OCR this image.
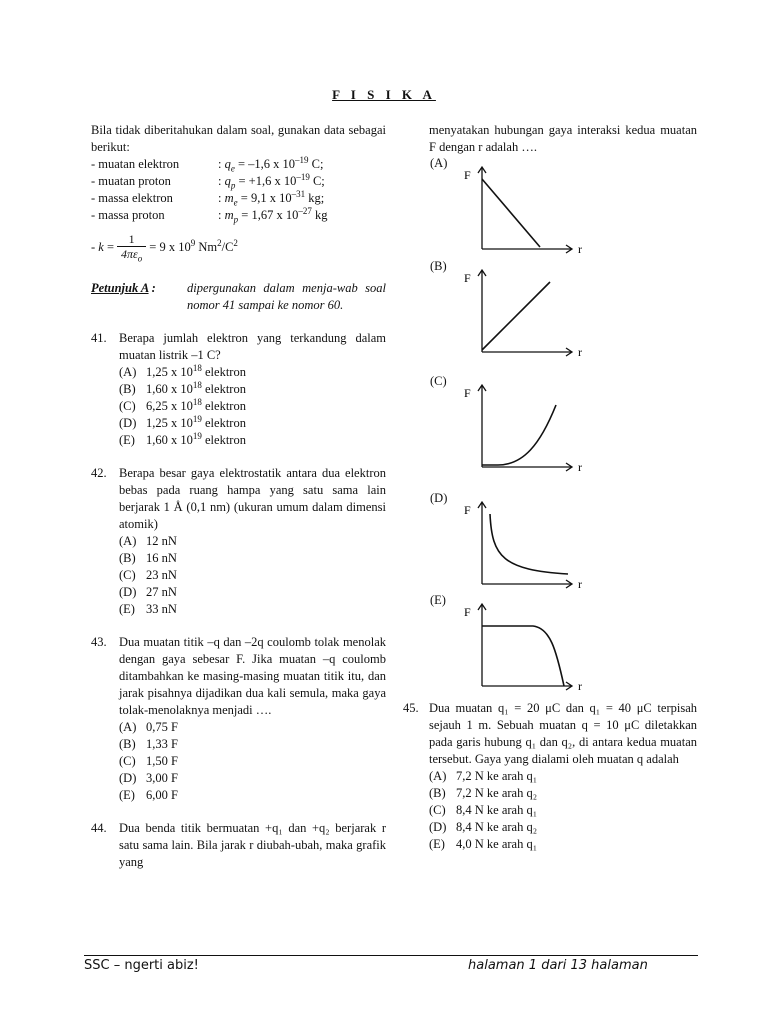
F I S I K A
Bila tidak diberitahukan dalam soal, gunakan data sebagai berikut:
- muatan elektron	: $q_e = -1,6$ x $10^{-19}$ C;
- muatan proton	: $q_p = +1,6$ x $10^{-19}$ C;
- massa elektron	: $m_e = 9,1$ x $10^{-31}$ kg;
- massa proton	: $m_p = 1,67$ x $10^{-27}$ kg
- $k = \frac{1}{4\pi\varepsilon_o} = 9$ x $10^9$ $Nm^2/C^2$
Petunjuk A :	dipergunakan dalam menja-wab soal nomor 41 sampai ke nomor 60.
41. Berapa jumlah elektron yang terkandung dalam muatan listrik –1 C?
(A) 1,25 x $10^{18}$ elektron
(B) 1,60 x $10^{18}$ elektron
(C) 6,25 x $10^{18}$ elektron
(D) 1,25 x $10^{19}$ elektron
(E) 1,60 x $10^{19}$ elektron
42. Berapa besar gaya elektrostatik antara dua elektron bebas pada ruang hampa yang satu sama lain berjarak 1 Å (0,1 nm) (ukuran umum dalam dimensi atomik)
(A) 12 nN
(B) 16 nN
(C) 23 nN
(D) 27 nN
(E) 33 nN
43. Dua muatan titik –q dan –2q coulomb tolak menolak dengan gaya sebesar F. Jika muatan –q coulomb ditambahkan ke masing-masing muatan titik itu, dan jarak pisahnya dijadikan dua kali semula, maka gaya tolak-menolaknya menjadi ….
(A) 0,75 F
(B) 1,33 F
(C) 1,50 F
(D) 3,00 F
(E) 6,00 F
44. Dua benda titik bermuatan +q₁ dan +q₂ berjarak r satu sama lain. Bila jarak r diubah-ubah, maka grafik yang
menyatakan hubungan gaya interaksi kedua muatan F dengan r adalah ….
(A)
F
r
(B)
F
r
(C)
F
r
(D)
F
r
(E)
F
r
45. Dua muatan q₁ = 20 μC dan q₁ = 40 μC terpisah sejauh 1 m. Sebuah muatan q = 10 μC diletakkan pada garis hubung q₁ dan q₂, di antara kedua muatan tersebut. Gaya yang dialami oleh muatan q adalah
(A) 7,2 N ke arah q₁
(B) 7,2 N ke arah q₂
(C) 8,4 N ke arah q₁
(D) 8,4 N ke arah q₂
(E) 4,0 N ke arah q₁
SSC – ngerti abiz!	halaman 1 dari 13 halaman
